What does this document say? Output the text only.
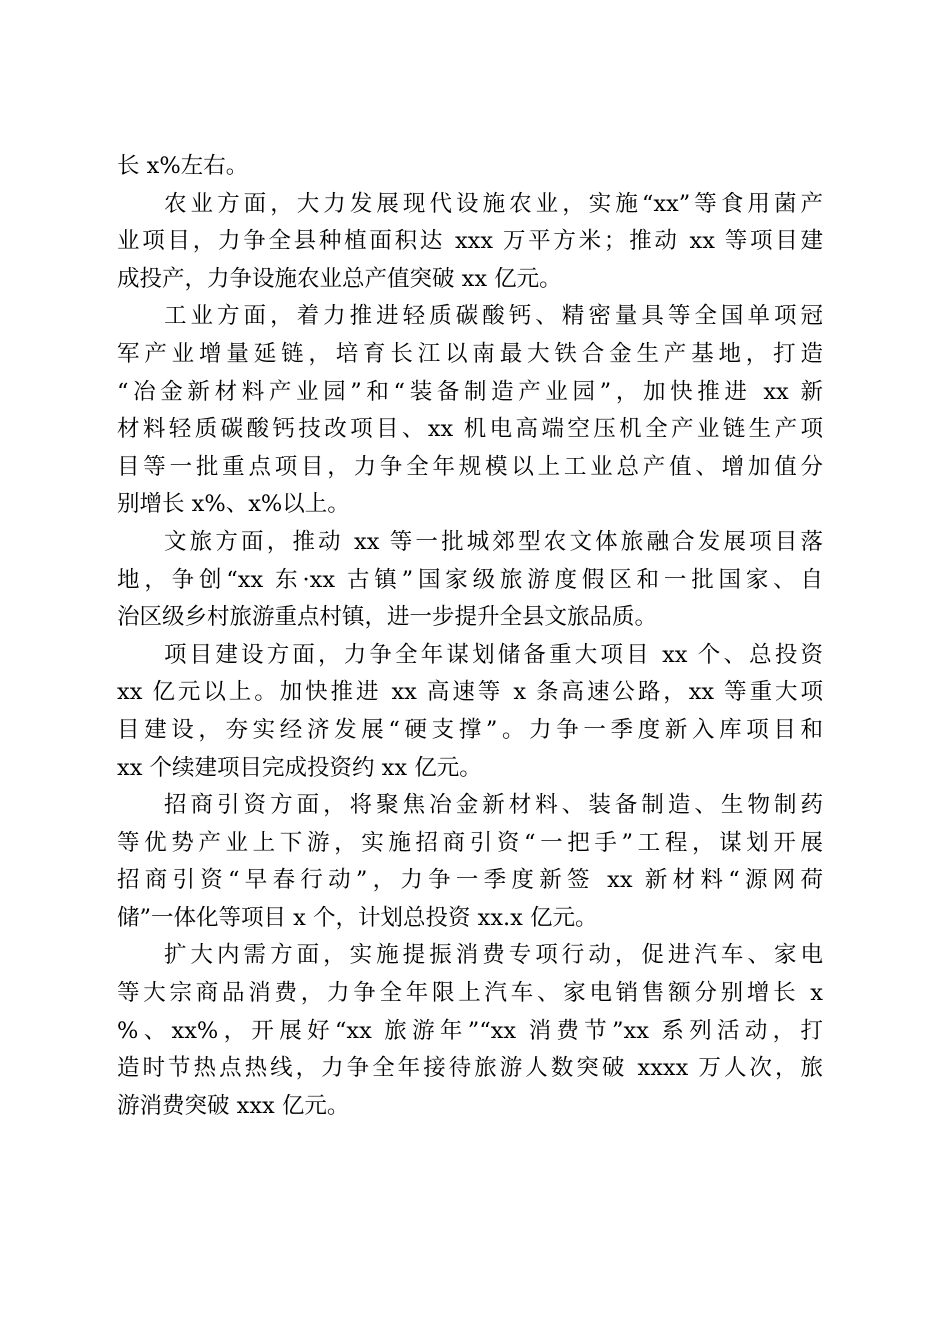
长 x%左右。
农业方面，大力发展现代设施农业，实施“xx”等食用菌产
业项目，力争全县种植面积达 xxx 万平方米；推动 xx 等项目建
成投产，力争设施农业总产值突破 xx 亿元。
工业方面，着力推进轻质碳酸钙、精密量具等全国单项冠
军产业增量延链，培育长江以南最大铁合金生产基地，打造
“冶金新材料产业园”和“装备制造产业园”，加快推进 xx 新
材料轻质碳酸钙技改项目、xx 机电高端空压机全产业链生产项
目等一批重点项目，力争全年规模以上工业总产值、增加值分
别增长 x%、x%以上。
文旅方面，推动 xx 等一批城郊型农文体旅融合发展项目落
地，争创“xx 东·xx 古镇”国家级旅游度假区和一批国家、自
治区级乡村旅游重点村镇，进一步提升全县文旅品质。
项目建设方面，力争全年谋划储备重大项目 xx 个、总投资
xx 亿元以上。加快推进 xx 高速等 x 条高速公路，xx 等重大项
目建设，夯实经济发展“硬支撑”。力争一季度新入库项目和
xx 个续建项目完成投资约 xx 亿元。
招商引资方面，将聚焦冶金新材料、装备制造、生物制药
等优势产业上下游，实施招商引资“一把手”工程，谋划开展
招商引资“早春行动”，力争一季度新签 xx 新材料“源网荷
储”一体化等项目 x 个，计划总投资 xx.x 亿元。
扩大内需方面，实施提振消费专项行动，促进汽车、家电
等大宗商品消费，力争全年限上汽车、家电销售额分别增长 x
%、xx%，开展好“xx 旅游年”“xx 消费节”xx 系列活动，打
造时节热点热线，力争全年接待旅游人数突破 xxxx 万人次，旅
游消费突破 xxx 亿元。
